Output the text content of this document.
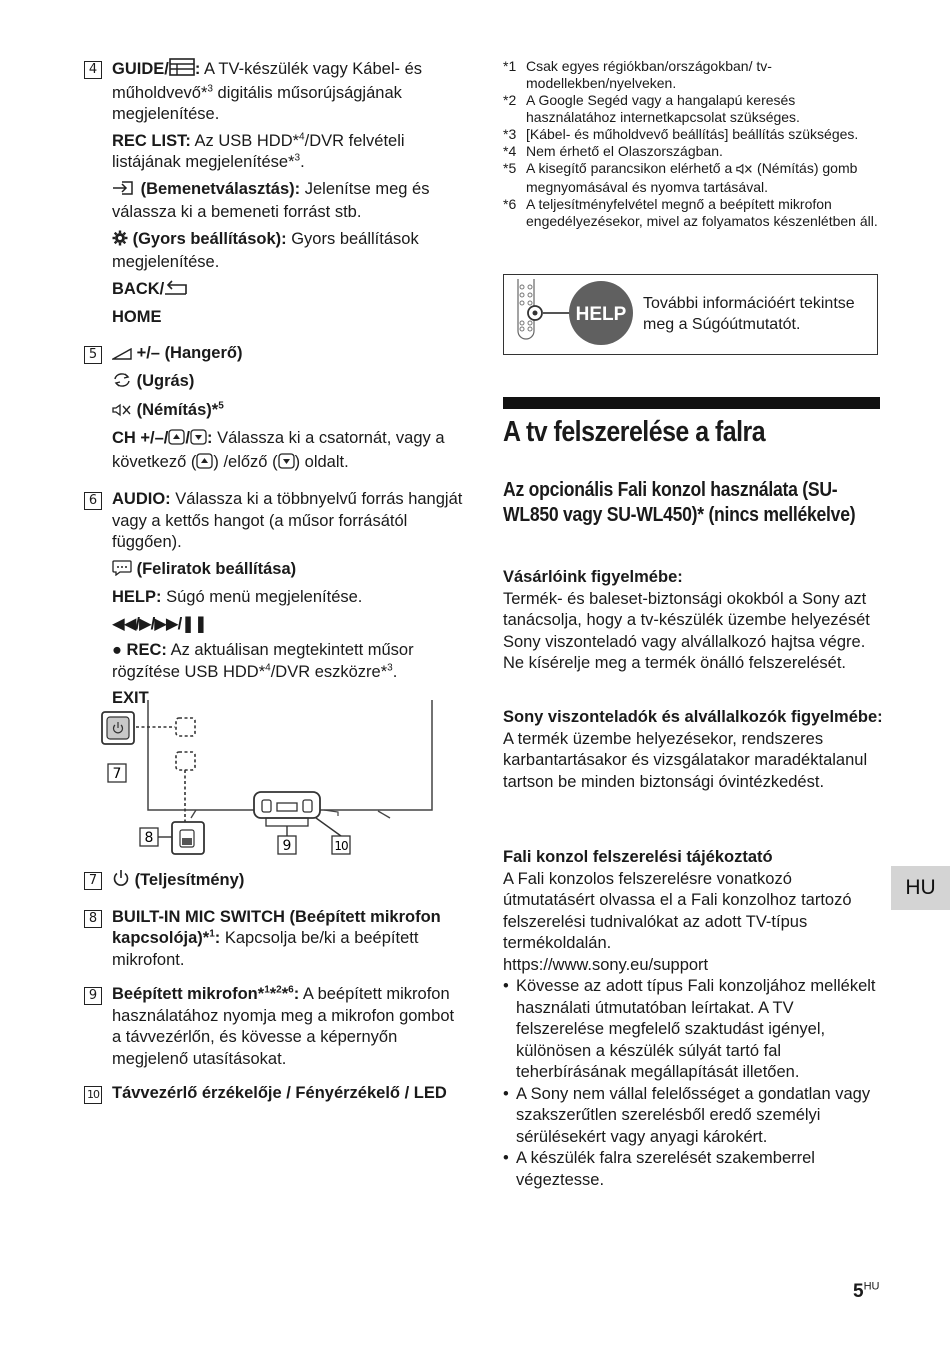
4 GUIDE/ : A TV-készülék vagy Kábel- és műholdvevő*$^3$ digitális műsorújságjának megjelenítése.

REC LIST: Az USB HDD*$^4$/DVR felvételi listájának megjelenítése*$^3$.

(Bemenetválasztás): Jelenítse meg és válassza ki a bemeneti forrást stb.

(Gyors beállítások): Gyors beállítások megjelenítése.

BACK/

HOME

5	+/– (Hangerő)

(Ugrás)

(Némítás)*$^5$

CH +/–/ / : Válassza ki a csatornát, vagy a következő ( ) /előző ( ) oldalt.

6 AUDIO: Válassza ki a többnyelvű forrás hangját vagy a kettős hangot (a műsor forrásától függően).

(Feliratok beállítása)

HELP: Súgó menü megjelenítése.

◀◀/▶/▶▶/❚❚

● REC: Az aktuálisan megtekintett műsor rögzítése USB HDD*$^4$/DVR eszközre*$^3$.

EXIT

7
8	9	10
7	(Teljesítmény)

8 BUILT-IN MIC SWITCH (Beépített mikrofon kapcsolója)*$^1$: Kapcsolja be/ki a beépített mikrofont.

9 Beépített mikrofon*$^1$*$^2$*$^6$: A beépített mikrofon használatához nyomja meg a mikrofon gombot a távvezérlőn, és kövesse a képernyőn megjelenő utasításokat.

10 Távvezérlő érzékelője / Fényérzékelő / LED

*1 Csak egyes régiókban/országokban/ tv-modellekben/nyelveken.
*2 A Google Segéd vagy a hangalapú keresés használatához internetkapcsolat szükséges.
*3 [Kábel- és műholdvevő beállítás] beállítás szükséges.
*4 Nem érhető el Olaszországban.
*5 A kisegítő parancsikon elérhető a  (Némítás) gomb megnyomásával és nyomva tartásával.
*6 A teljesítményfelvétel megnő a beépített mikrofon engedélyezésekor, mivel az folyamatos készenlétben áll.
HELP
További információért tekintse meg a Súgóútmutatót.
A tv felszerelése a falra
Az opcionális Fali konzol használata (SU-WL850 vagy SU-WL450)* (nincs mellékelve)
Vásárlóink figyelmébe:
Termék- és baleset-biztonsági okokból a Sony azt tanácsolja, hogy a tv-készülék üzembe helyezését Sony viszonteladó vagy alvállalkozó hajtsa végre. Ne kísérelje meg a termék önálló felszerelését.
Sony viszonteladók és alvállalkozók figyelmébe:
A termék üzembe helyezésekor, rendszeres karbantartásakor és vizsgálatakor maradéktalanul tartson be minden biztonsági óvintézkedést.
Fali konzol felszerelési tájékoztató
A Fali konzolos felszerelésre vonatkozó útmutatásért olvassa el a Fali konzolhoz tartozó felszerelési tudnivalókat az adott TV-típus termékoldalán.
https://www.sony.eu/support
• Kövesse az adott típus Fali konzoljához mellékelt használati útmutatóban leírtakat. A TV felszerelése megfelelő szaktudást igényel, különösen a készülék súlyát tartó fal teherbírásának megállapítását illetően.
• A Sony nem vállal felelősséget a gondatlan vagy szakszerűtlen szerelésből eredő személyi sérülésekért vagy anyagi károkért.
• A készülék falra szerelését szakemberrel végeztesse.
HU
$5^{HU}$
